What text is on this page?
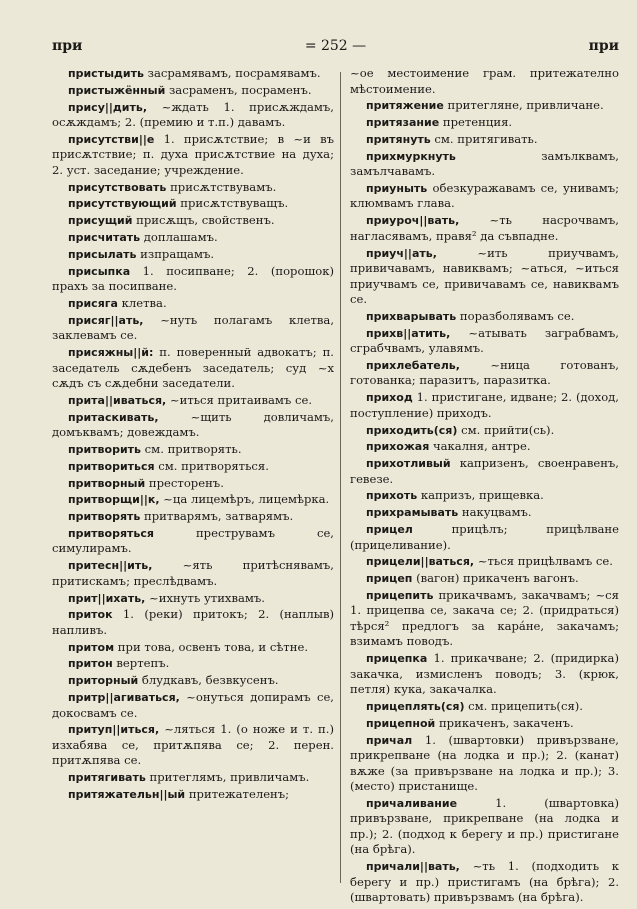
при	= 252 —	при

пристыдить засрамявамъ, посрамявамъ.

пристыжённый засраменъ, посраменъ.

прису||дить, ~ждать 1. присѫждамъ, осѫждамъ; 2. (премию и т.п.) давамъ.

присутстви||е 1. присѫтствие; в ~и въ присѫтствие; п. духа присѫтствие на духа; 2. уст. заседание; учреждение.

присутствовать присѫтствувамъ.

присутствующий присѫтствуващъ.

присущий присѫщъ, свойственъ.

присчитать доплашамъ.

присылать изпращамъ.

присыпка 1. посипване; 2. (порошок) прахъ за посипване.

присяга клетва.

присяг||ать, ~нуть полагамъ клетва, заклевамъ се.

присяжны||й: п. поверенный адвокатъ; п. заседатель сѫдебенъ заседатель; суд ~х сѫдъ съ сѫдебни заседатели.

прита||иваться, ~иться притаивамъ се.

притаскивать, ~щить довличамъ, домъквамъ; довеждамъ.

притворить см. притворять.

притвориться см. притворяться.

притворный престоренъ.

притворщи||к, ~ца лицемѣръ, лицемѣрка.

притворять притварямъ, затварямъ.

притворяться преструвамъ се, симулирамъ.

притесн||ить, ~ять притѣснявамъ, притискамъ; преслѣдвамъ.

прит||ихать, ~ихнуть утихвамъ.

приток 1. (реки) притокъ; 2. (наплыв) напливъ.

притом при това, освенъ това, и сѣтне.

притон вертепъ.

приторный блудкавъ, безвкусенъ.

притр||агиваться, ~онуться допирамъ се, докосвамъ се.

притуп||иться, ~ляться 1. (о ноже и т. п.) изхабява се, притѫпява се; 2. перен. притѫпява се.

притягивать притеглямъ, привличамъ.

притяжательн||ый притежателенъ;

~ое местоимение грам. притежателно мѣстоимение.

притяжение притегляне, привличане.

притязание претенция.

притянуть см. притягивать.

прихмуркнуть замълквамъ, замълчавамъ.

приуныть обезкуражавамъ се, унивамъ; клюмвамъ глава.

приуроч||вать, ~ть насрочвамъ, нагласявамъ, правя² да съвпадне.

приуч||ать, ~ить приучвамъ, привичавамъ, навиквамъ; ~аться, ~иться приучвамъ се, привичавамъ се, навиквамъ се.

прихварывать поразболявамъ се.

прихв||атить, ~атывать заграбвамъ, сграбчвамъ, улавямъ.

прихлебатель, ~ница готованъ, готованка; паразитъ, паразитка.

приход 1. пристигане, идване; 2. (доход, поступление) приходъ.

приходить(ся) см. прийти(сь).

прихожая чакалня, антре.

прихотливый капризенъ, своенравенъ, гевезе.

прихоть капризъ, прищевка.

прихрамывать накуцвамъ.

прицел прицѣлъ; прицѣлване (прицеливание).

прицели||ваться, ~ться прицѣлвамъ се.

прицеп (вагон) прикаченъ вагонъ.

прицепить прикачвамъ, закачвамъ; ~ся 1. прицепва се, закача се; 2. (придраться) тѣрся² предлогъ за карáне, закачамъ; взимамъ поводъ.

прицепка 1. прикачване; 2. (придирка) закачка, измисленъ поводъ; 3. (крюк, петля) кука, закачалка.

прицеплять(ся) см. прицепить(ся).

прицепной прикаченъ, закаченъ.

причал 1. (швартовки) привързване, прикрепване (на лодка и пр.); 2. (канат) вѫже (за привързване на лодка и пр.); 3. (место) пристанище.

причаливание 1. (швартовка) привързване, прикрепване (на лодка и пр.); 2. (подход к берегу и пр.) пристигане (на брѣга).

причали||вать, ~ть 1. (подходить к берегу и пр.) пристигамъ (на брѣга); 2. (швартовать) привързвамъ (на брѣга).
